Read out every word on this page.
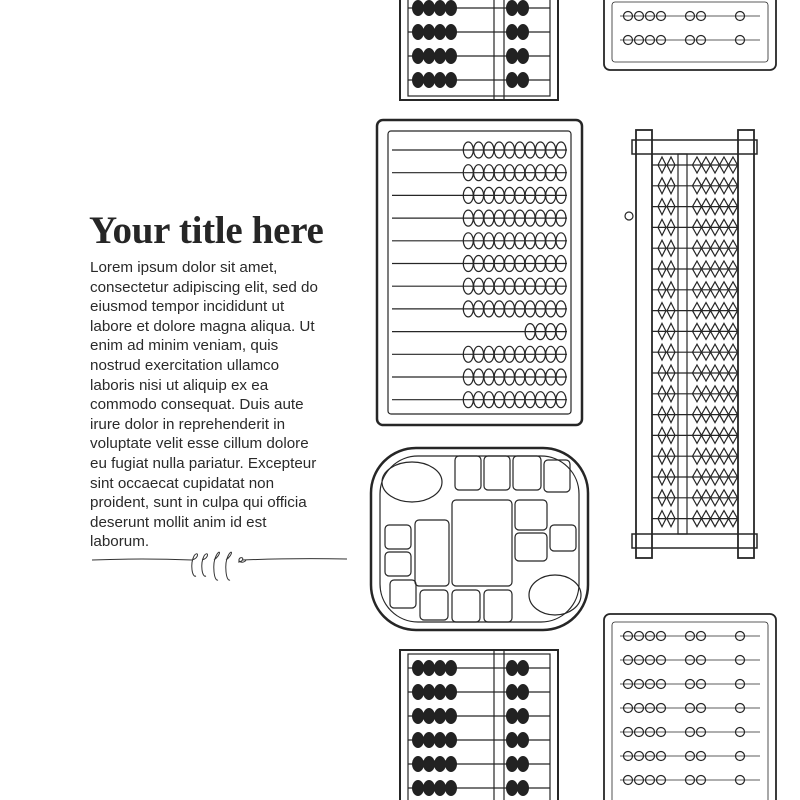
Your title here
Lorem ipsum dolor sit amet,
consectetur adipiscing elit, sed do
eiusmod tempor incididunt ut
labore et dolore magna aliqua. Ut
enim ad minim veniam, quis
nostrud exercitation ullamco
laboris nisi ut aliquip ex ea
commodo consequat. Duis aute
irure dolor in reprehenderit in
voluptate velit esse cillum dolore
eu fugiat nulla pariatur. Excepteur
sint occaecat cupidatat non
proident, sunt in culpa qui officia
deserunt mollit anim id est
laborum.
